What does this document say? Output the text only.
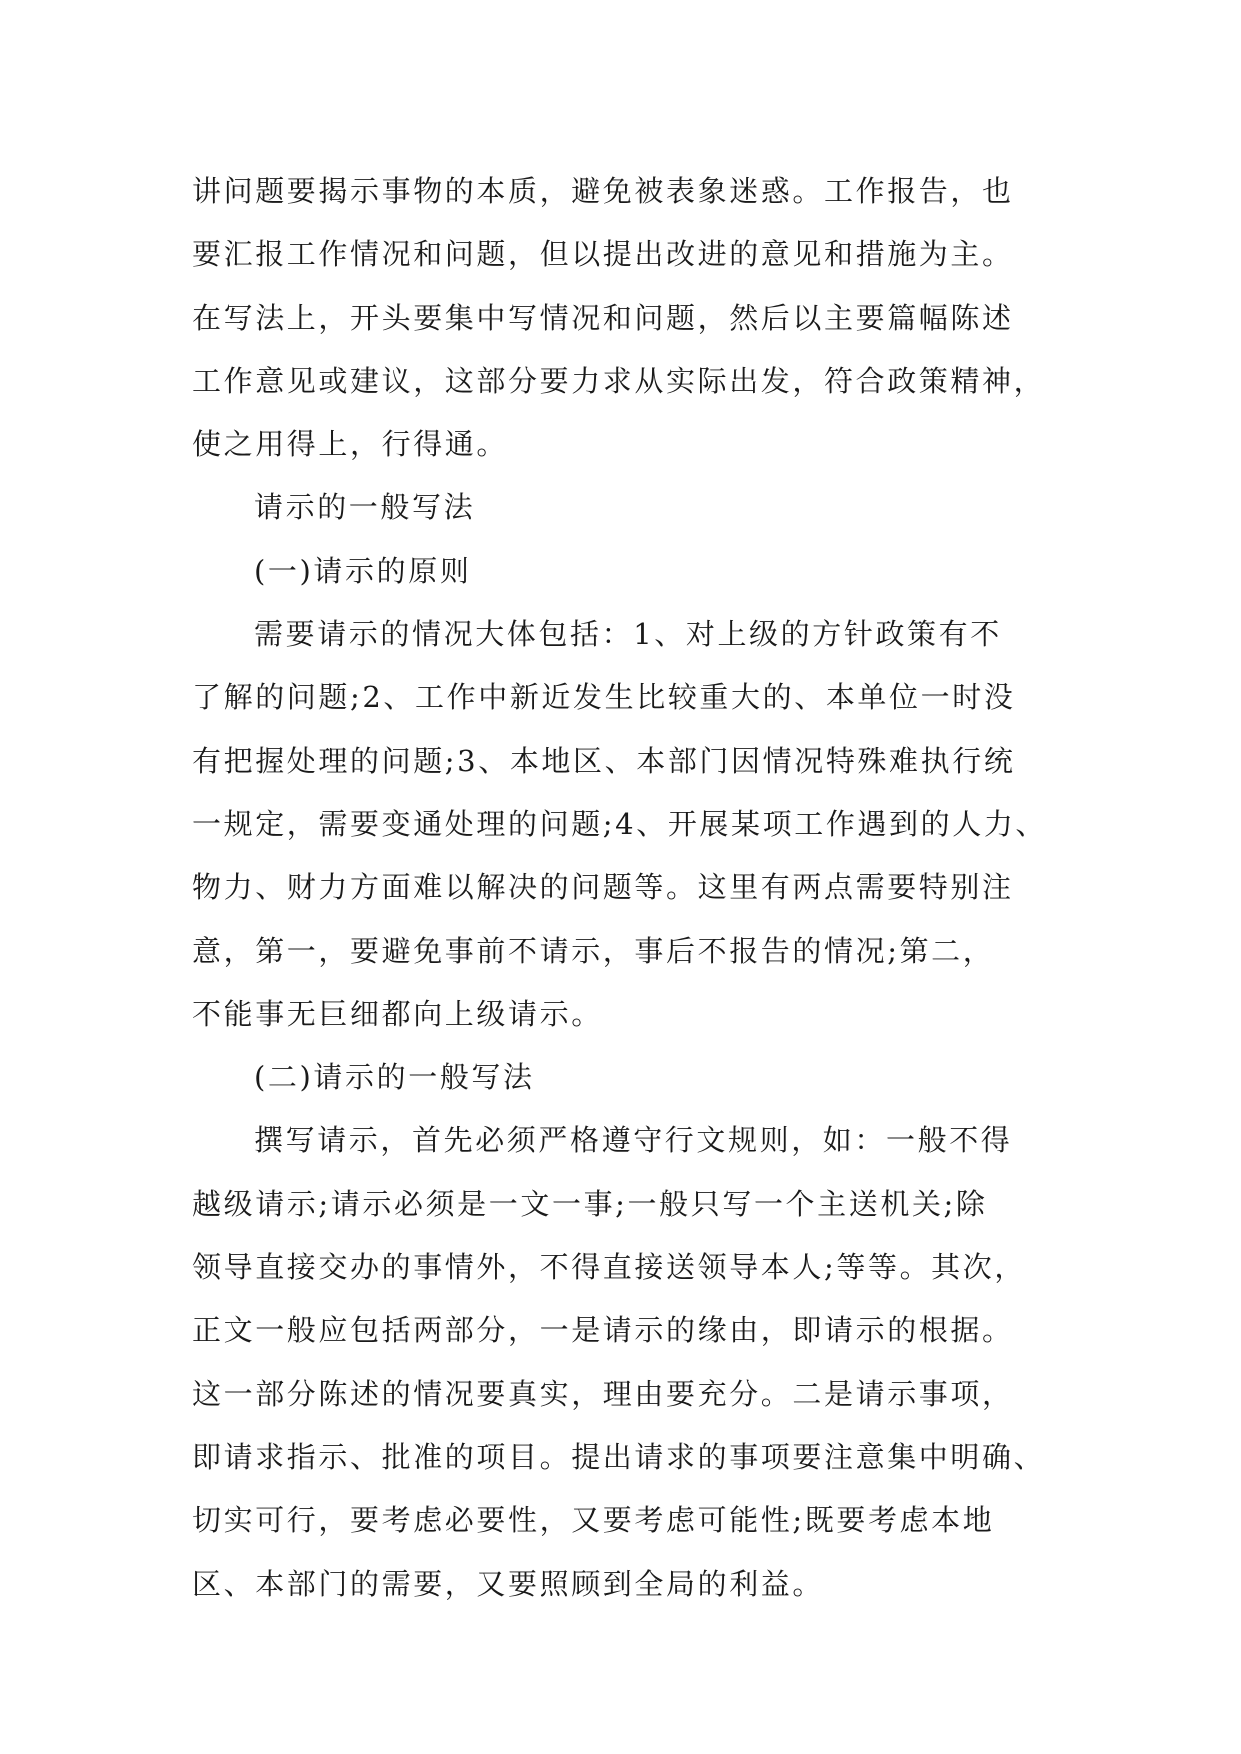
讲问题要揭示事物的本质，避免被表象迷惑。工作报告，也
要汇报工作情况和问题，但以提出改进的意见和措施为主。
在写法上，开头要集中写情况和问题，然后以主要篇幅陈述
工作意见或建议，这部分要力求从实际出发，符合政策精神，
使之用得上，行得通。
请示的一般写法
(一)请示的原则
需要请示的情况大体包括：1、对上级的方针政策有不
了解的问题;2、工作中新近发生比较重大的、本单位一时没
有把握处理的问题;3、本地区、本部门因情况特殊难执行统
一规定，需要变通处理的问题;4、开展某项工作遇到的人力、
物力、财力方面难以解决的问题等。这里有两点需要特别注
意，第一，要避免事前不请示，事后不报告的情况;第二，
不能事无巨细都向上级请示。
(二)请示的一般写法
撰写请示，首先必须严格遵守行文规则，如：一般不得
越级请示;请示必须是一文一事;一般只写一个主送机关;除
领导直接交办的事情外，不得直接送领导本人;等等。其次，
正文一般应包括两部分，一是请示的缘由，即请示的根据。
这一部分陈述的情况要真实，理由要充分。二是请示事项，
即请求指示、批准的项目。提出请求的事项要注意集中明确、
切实可行，要考虑必要性，又要考虑可能性;既要考虑本地
区、本部门的需要，又要照顾到全局的利益。
